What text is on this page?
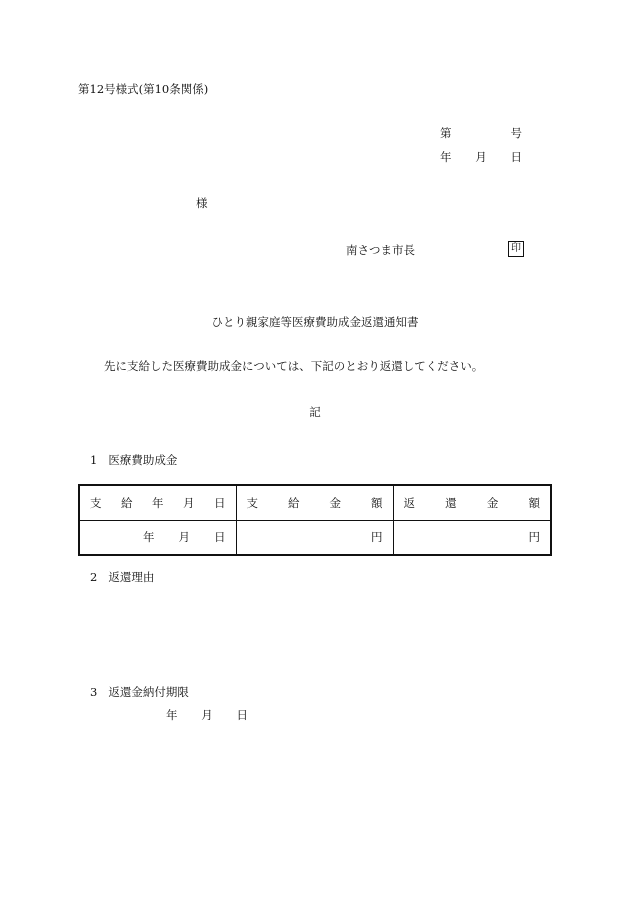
第12号様式(第10条関係)
第	号
年 月 日
様
南さつま市長	印
ひとり親家庭等医療費助成金返還通知書
先に支給した医療費助成金については、下記のとおり返還してください。
記
1 医療費助成金
支 給 年 月 日	支 給 金 額	返 還 金 額

年 月 日	円	円
2 返還理由
3 返還金納付期限
年 月 日
